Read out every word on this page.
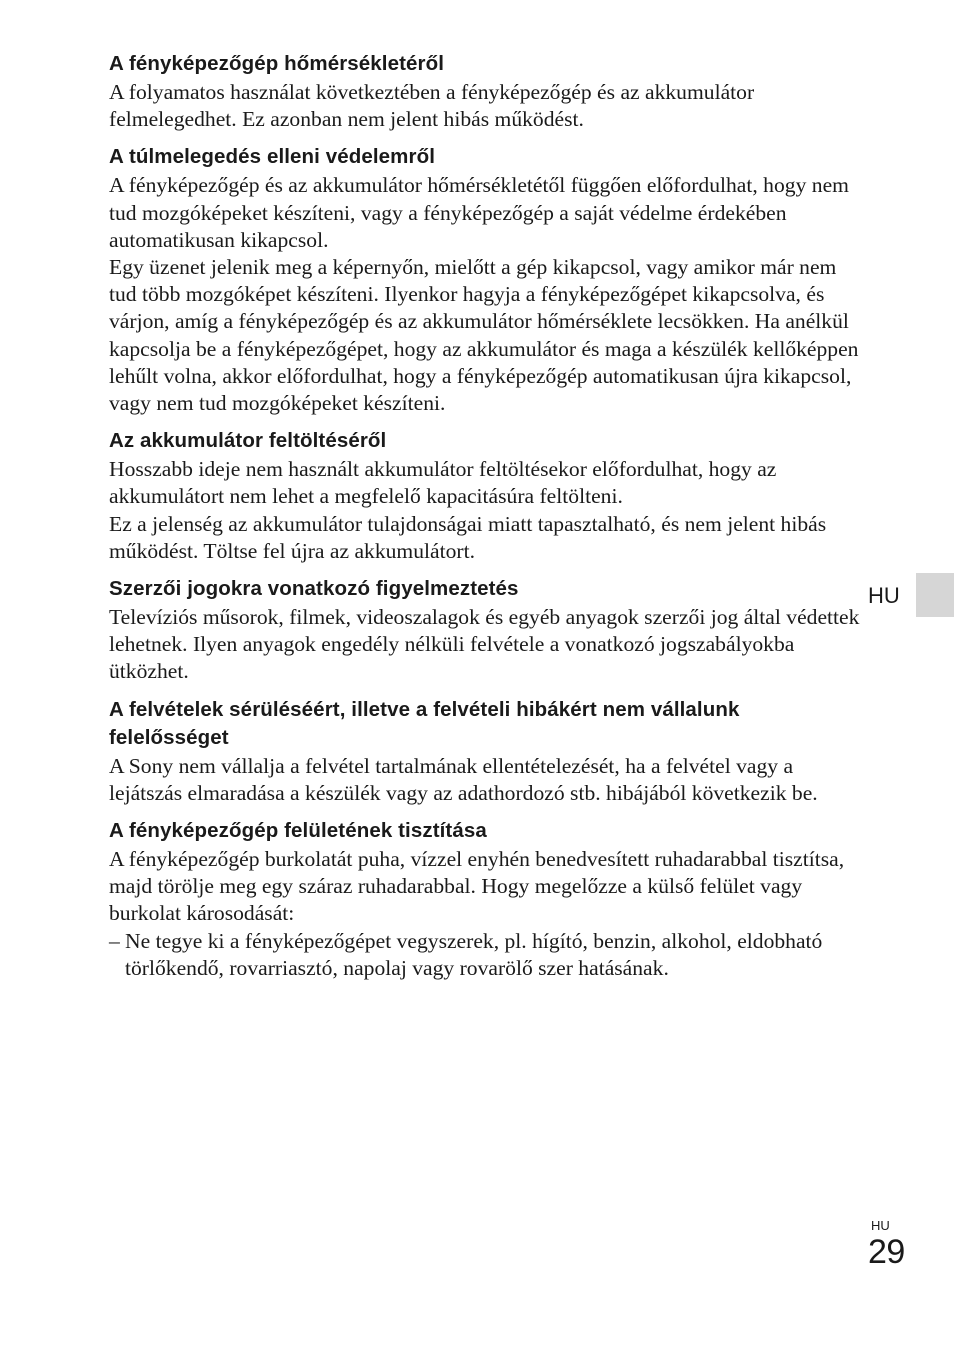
A fényképezőgép hőmérsékletéről

A folyamatos használat következtében a fényképezőgép és az akkumulátor felmelegedhet. Ez azonban nem jelent hibás működést.

A túlmelegedés elleni védelemről

A fényképezőgép és az akkumulátor hőmérsékletétől függően előfordulhat, hogy nem tud mozgóképeket készíteni, vagy a fényképezőgép a saját védelme érdekében automatikusan kikapcsol.

Egy üzenet jelenik meg a képernyőn, mielőtt a gép kikapcsol, vagy amikor már nem tud több mozgóképet készíteni. Ilyenkor hagyja a fényképezőgépet kikapcsolva, és várjon, amíg a fényképezőgép és az akkumulátor hőmérséklete lecsökken. Ha anélkül kapcsolja be a fényképezőgépet, hogy az akkumulátor és maga a készülék kellőképpen lehűlt volna, akkor előfordulhat, hogy a fényképezőgép automatikusan újra kikapcsol, vagy nem tud mozgóképeket készíteni.

Az akkumulátor feltöltéséről

Hosszabb ideje nem használt akkumulátor feltöltésekor előfordulhat, hogy az akkumulátort nem lehet a megfelelő kapacitásúra feltölteni.

Ez a jelenség az akkumulátor tulajdonságai miatt tapasztalható, és nem jelent hibás működést. Töltse fel újra az akkumulátort.

Szerzői jogokra vonatkozó figyelmeztetés

Televíziós műsorok, filmek, videoszalagok és egyéb anyagok szerzői jog által védettek lehetnek. Ilyen anyagok engedély nélküli felvétele a vonatkozó jogszabályokba ütközhet.

A felvételek sérüléséért, illetve a felvételi hibákért nem vállalunk felelősséget

A Sony nem vállalja a felvétel tartalmának ellentételezését, ha a felvétel vagy a lejátszás elmaradása a készülék vagy az adathordozó stb. hibájából következik be.

A fényképezőgép felületének tisztítása

A fényképezőgép burkolatát puha, vízzel enyhén benedvesített ruhadarabbal tisztítsa, majd törölje meg egy száraz ruhadarabbal. Hogy megelőzze a külső felület vagy burkolat károsodását:

– Ne tegye ki a fényképezőgépet vegyszerek, pl. hígító, benzin, alkohol, eldobható törlőkendő, rovarriasztó, napolaj vagy rovarölő szer hatásának.
HU
HU
29
